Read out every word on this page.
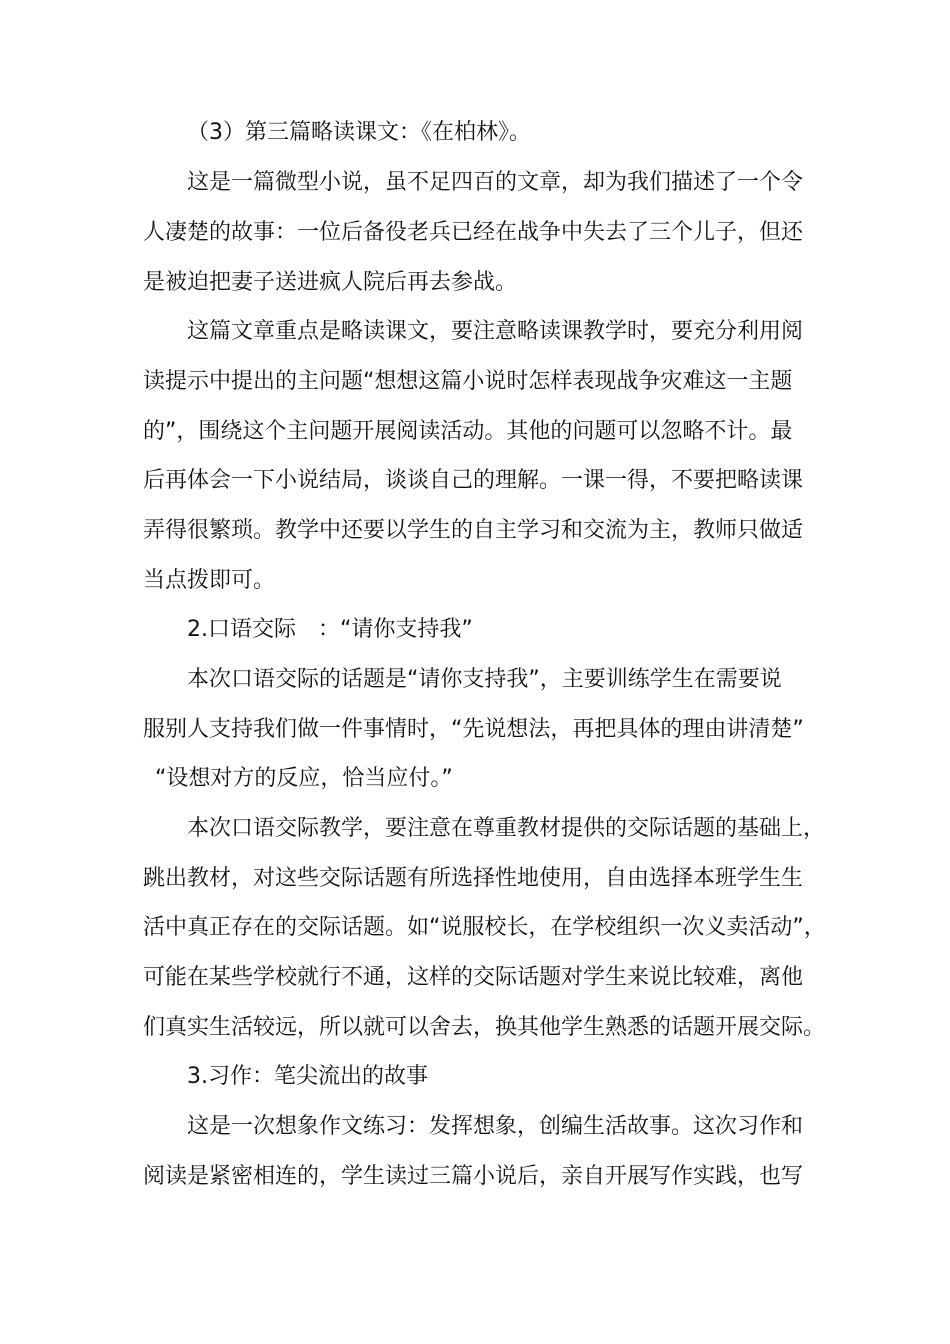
（3）第三篇略读课文：《在柏林》。
这是一篇微型小说，虽不足四百的文章，却为我们描述了一个令
人凄楚的故事：一位后备役老兵已经在战争中失去了三个儿子，但还
是被迫把妻子送进疯人院后再去参战。
这篇文章重点是略读课文，要注意略读课教学时，要充分利用阅
读提示中提出的主问题“想想这篇小说时怎样表现战争灾难这一主题
的”，围绕这个主问题开展阅读活动。其他的问题可以忽略不计。最
后再体会一下小说结局，谈谈自己的理解。一课一得，不要把略读课
弄得很繁琐。教学中还要以学生的自主学习和交流为主，教师只做适
当点拨即可。
2.口语交际　：“请你支持我”
本次口语交际的话题是“请你支持我”，主要训练学生在需要说
服别人支持我们做一件事情时，“先说想法，再把具体的理由讲清楚”
“设想对方的反应，恰当应付。”
本次口语交际教学，要注意在尊重教材提供的交际话题的基础上，
跳出教材，对这些交际话题有所选择性地使用，自由选择本班学生生
活中真正存在的交际话题。如“说服校长，在学校组织一次义卖活动”，
可能在某些学校就行不通，这样的交际话题对学生来说比较难，离他
们真实生活较远，所以就可以舍去，换其他学生熟悉的话题开展交际。
3.习作：笔尖流出的故事
这是一次想象作文练习：发挥想象，创编生活故事。这次习作和
阅读是紧密相连的，学生读过三篇小说后，亲自开展写作实践，也写
